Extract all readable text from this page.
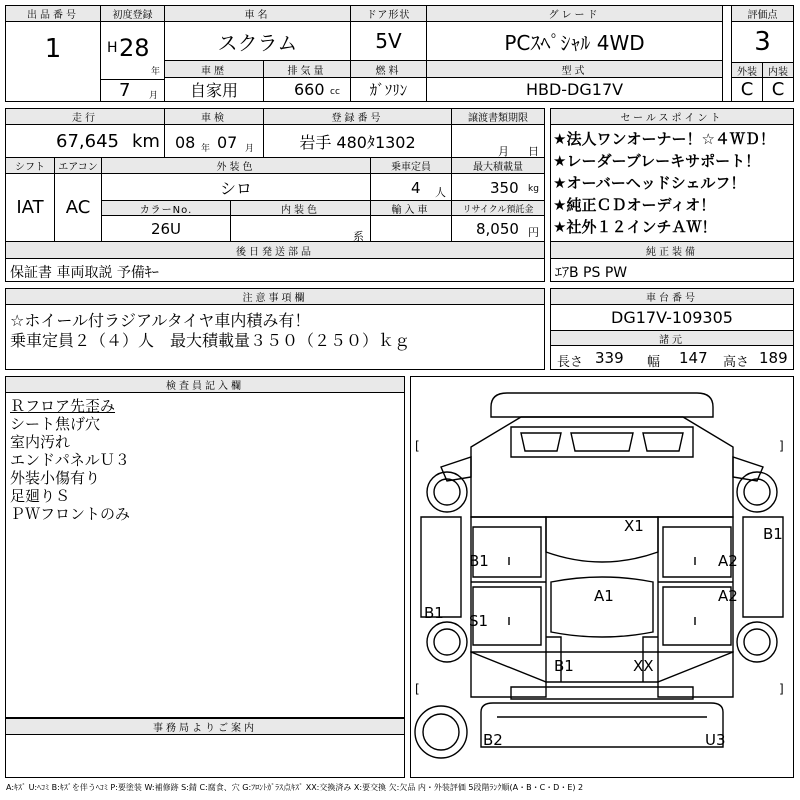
出品番号
1
初度登録
H 28
年
7 月
車名
スクラム
ドア形状
5V
グレード
PCｽﾍﾟｼｬﾙ 4WD
評価点
3
車歴
自家用
排気量
660 cc
燃料
ｶﾞｿﾘﾝ
型式
HBD-DG17V
外装	内装
C	C
走行
67,645 km
車検
08 年 07 月
登録番号
岩手 480ﾀ1302
譲渡書類期限
月 日
シフト
IAT
エアコン
AC
外装色
シロ
乗車定員
4 人
最大積載量
350 kg
カラーNo.
26U
内装色
系
輸入車	リサイクル預託金
8,050 円
後日発送部品
保証書 車両取説 予備ｷｰ
セールスポイント
★法人ワンオーナー！☆４ＷＤ！
★レーダーブレーキサポート！
★オーバーヘッドシェルフ！
★純正ＣＤオーディオ！
★社外１２インチＡＷ！
純正装備
ｴｱB PS PW
注意事項欄
☆ホイール付ラジアルタイヤ車内積み有！
乗車定員２（４）人　最大積載量３５０（２５０）ｋｇ
車台番号
DG17V-109305
諸元
長さ 339 幅 147 高さ 189
検査員記入欄
Ｒフロア先歪み
シート焦げ穴
室内汚れ
エンドパネルＵ３
外装小傷有り
足廻りＳ
ＰＷフロントのみ
事務局よりご案内
[	]
[	]
X1
B1	A2
B1
A1	A2
B1 S1
B1	XX
B2	U3
A:ｷｽﾞ U:ﾍｺﾐ B:ｷｽﾞを伴うﾍｺﾐ P:要塗装 W:補修跡 S:錆 C:腐食、穴 G:ﾌﾛﾝﾄｶﾞﾗｽ点ｷｽﾞ XX:交換済み X:要交換 欠:欠品 内・外装評価 5段階ﾗﾝｸ順(A・B・C・D・E) 2
